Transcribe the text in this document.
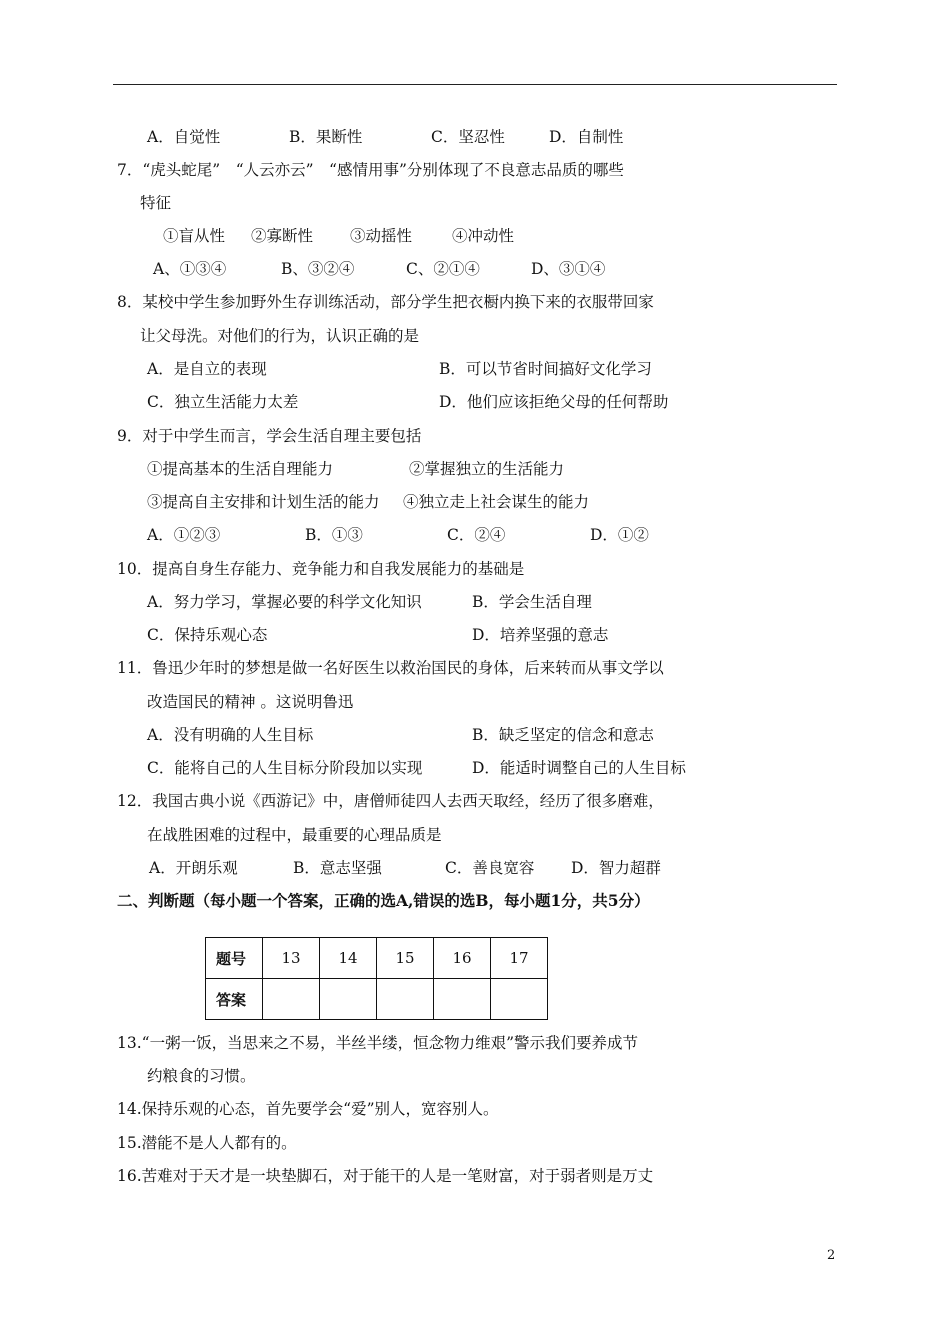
A．自觉性	B．果断性	C．坚忍性	D．自制性
7．“虎头蛇尾”　“人云亦云”　“感情用事”分别体现了不良意志品质的哪些
特征
①盲从性 ②寡断性 ③动摇性	④冲动性
A、①③④	B、③②④	C、②①④	D、③①④
8．某校中学生参加野外生存训练活动，部分学生把衣橱内换下来的衣服带回家
让父母洗。对他们的行为，认识正确的是
A．是自立的表现	B．可以节省时间搞好文化学习
C．独立生活能力太差	D．他们应该拒绝父母的任何帮助
9．对于中学生而言，学会生活自理主要包括
①提高基本的生活自理能力	②掌握独立的生活能力
③提高自主安排和计划生活的能力 ④独立走上社会谋生的能力
A．①②③	B．①③	C．②④	D．①②
10．提高自身生存能力、竞争能力和自我发展能力的基础是
A．努力学习，掌握必要的科学文化知识	B．学会生活自理
C．保持乐观心态	D．培养坚强的意志
11．鲁迅少年时的梦想是做一名好医生以救治国民的身体，后来转而从事文学以
改造国民的精神 。这说明鲁迅
A．没有明确的人生目标	B．缺乏坚定的信念和意志
C．能将自己的人生目标分阶段加以实现	D．能适时调整自己的人生目标
12．我国古典小说《西游记》中，唐僧师徒四人去西天取经，经历了很多磨难，
在战胜困难的过程中，最重要的心理品质是
A．开朗乐观	B．意志坚强	C．善良宽容 D．智力超群
二、判断题（每小题一个答案，正确的选A,错误的选B，每小题1分，共5分）
题号	13	14	15	16	17
答案					
13.“一粥一饭，当思来之不易，半丝半缕，恒念物力维艰”警示我们要养成节
约粮食的习惯。
14.保持乐观的心态，首先要学会“爱”别人，宽容别人。
15.潜能不是人人都有的。
16.苦难对于天才是一块垫脚石，对于能干的人是一笔财富，对于弱者则是万丈
2
